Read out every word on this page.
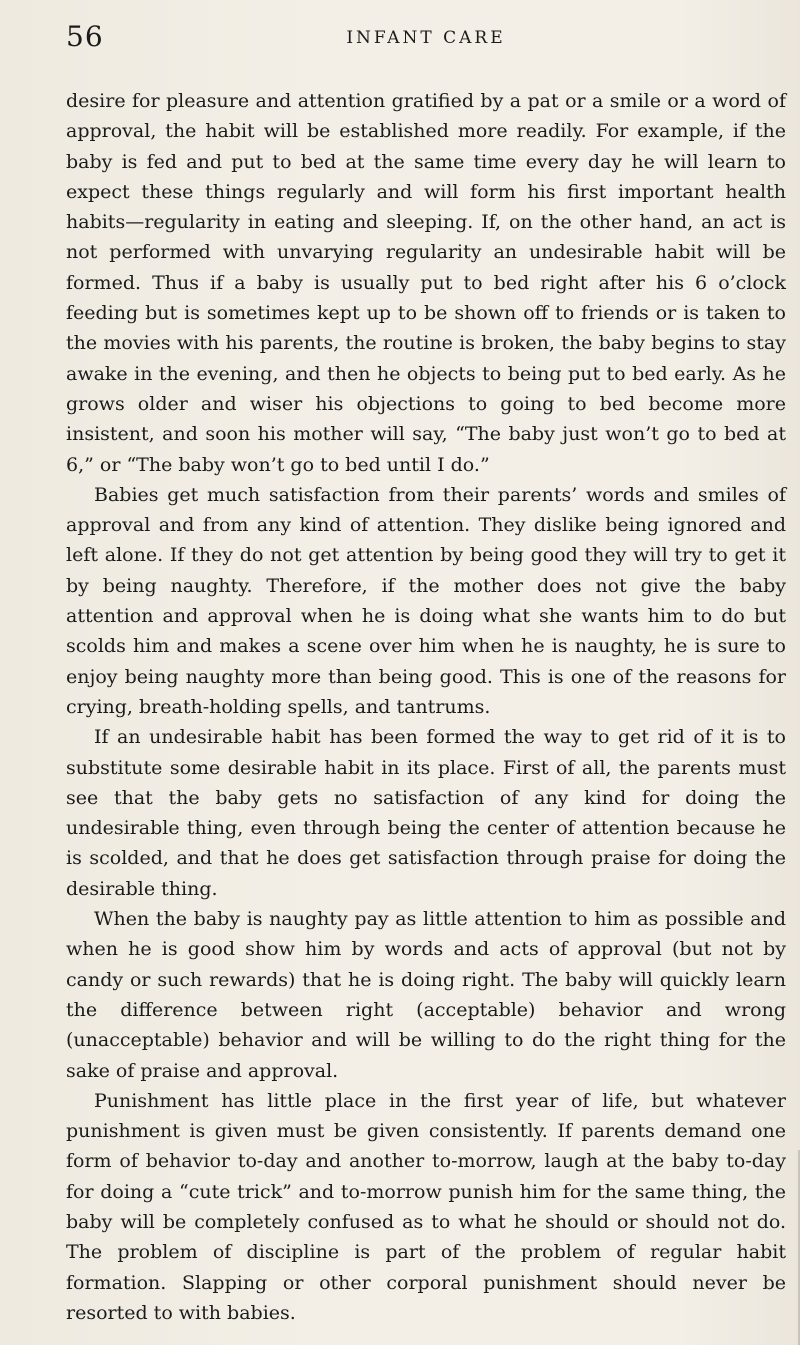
56	INFANT CARE

desire for pleasure and attention gratified by a pat or a smile or a word of approval, the habit will be established more readily. For example, if the baby is fed and put to bed at the same time every day he will learn to expect these things regularly and will form his first important health habits—regularity in eating and sleeping. If, on the other hand, an act is not performed with unvarying regularity an undesirable habit will be formed. Thus if a baby is usually put to bed right after his 6 o’clock feeding but is sometimes kept up to be shown off to friends or is taken to the movies with his parents, the routine is broken, the baby begins to stay awake in the evening, and then he objects to being put to bed early. As he grows older and wiser his objections to going to bed become more insistent, and soon his mother will say, “The baby just won’t go to bed at 6,” or “The baby won’t go to bed until I do.”

Babies get much satisfaction from their parents’ words and smiles of approval and from any kind of attention. They dislike being ignored and left alone. If they do not get attention by being good they will try to get it by being naughty. Therefore, if the mother does not give the baby attention and approval when he is doing what she wants him to do but scolds him and makes a scene over him when he is naughty, he is sure to enjoy being naughty more than being good. This is one of the reasons for crying, breath-holding spells, and tantrums.

If an undesirable habit has been formed the way to get rid of it is to substitute some desirable habit in its place. First of all, the parents must see that the baby gets no satisfaction of any kind for doing the undesirable thing, even through being the center of attention because he is scolded, and that he does get satisfaction through praise for doing the desirable thing.

When the baby is naughty pay as little attention to him as possible and when he is good show him by words and acts of approval (but not by candy or such rewards) that he is doing right. The baby will quickly learn the difference between right (acceptable) behavior and wrong (unacceptable) behavior and will be willing to do the right thing for the sake of praise and approval.

Punishment has little place in the first year of life, but whatever punishment is given must be given consistently. If parents demand one form of behavior to-day and another to-morrow, laugh at the baby to-day for doing a “cute trick” and to-morrow punish him for the same thing, the baby will be completely confused as to what he should or should not do. The problem of discipline is part of the problem of regular habit formation. Slapping or other corporal punishment should never be resorted to with babies.
